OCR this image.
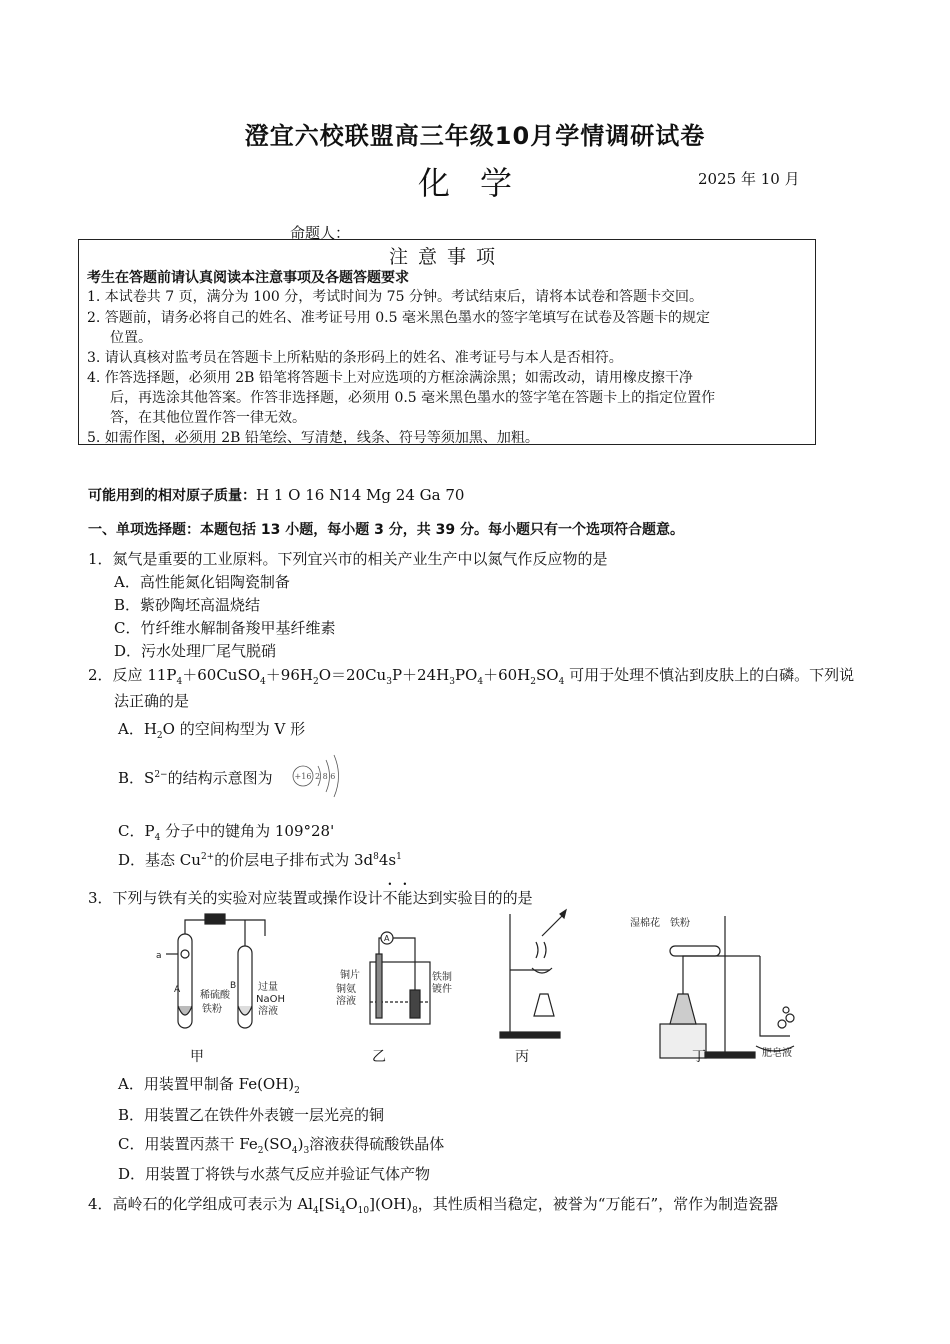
澄宜六校联盟高三年级10月学情调研试卷
化学	2025 年 10 月
命题人：
注意事项
考生在答题前请认真阅读本注意事项及各题答题要求
1. 本试卷共 7 页，满分为 100 分，考试时间为 75 分钟。考试结束后，请将本试卷和答题卡交回。
2. 答题前，请务必将自己的姓名、准考证号用 0.5 毫米黑色墨水的签字笔填写在试卷及答题卡的规定
位置。
3. 请认真核对监考员在答题卡上所粘贴的条形码上的姓名、准考证号与本人是否相符。
4. 作答选择题，必须用 2B 铅笔将答题卡上对应选项的方框涂满涂黑；如需改动，请用橡皮擦干净
后，再选涂其他答案。作答非选择题，必须用 0.5 毫米黑色墨水的签字笔在答题卡上的指定位置作
答，在其他位置作答一律无效。
5. 如需作图，必须用 2B 铅笔绘、写清楚，线条、符号等须加黑、加粗。
可能用到的相对原子质量：H 1 O 16 N14 Mg 24 Ga 70
一、单项选择题：本题包括 13 小题，每小题 3 分，共 39 分。每小题只有一个选项符合题意。
1．氮气是重要的工业原料。下列宜兴市的相关产业生产中以氮气作反应物的是
A．高性能氮化铝陶瓷制备
B．紫砂陶坯高温烧结
C．竹纤维水解制备羧甲基纤维素
D．污水处理厂尾气脱硝
2．反应 $11P_4+60CuSO_4+96H_2O=20Cu_3P+24H_3PO_4+60H_2SO_4$ 可用于处理不慎沾到皮肤上的白磷。下列说
法正确的是
A．$H_2O$ 的空间构型为 V 形
B．$S^{2-}$的结构示意图为	+16 2 8 6
C．$P_4$ 分子中的键角为 109°28'
D．基态 $Cu^{2+}$的价层电子排布式为 $3d^84s^1$
3．下列与铁有关的实验对应装置或操作设计不能达到实验目的的是
a
A	B
稀硫酸
铁粉
过量
NaOH
溶液
A
铜片
铜氨
溶液
铁制
镀件
湿棉花 铁粉
肥皂液
甲	乙	丙	丁
A．用装置甲制备 $Fe(OH)_2$
B．用装置乙在铁件外表镀一层光亮的铜
C．用装置丙蒸干 $Fe_2(SO_4)_3$溶液获得硫酸铁晶体
D．用装置丁将铁与水蒸气反应并验证气体产物
4．高岭石的化学组成可表示为 $Al_4[Si_4O_{10}](OH)_8$，其性质相当稳定，被誉为“万能石”，常作为制造瓷器
